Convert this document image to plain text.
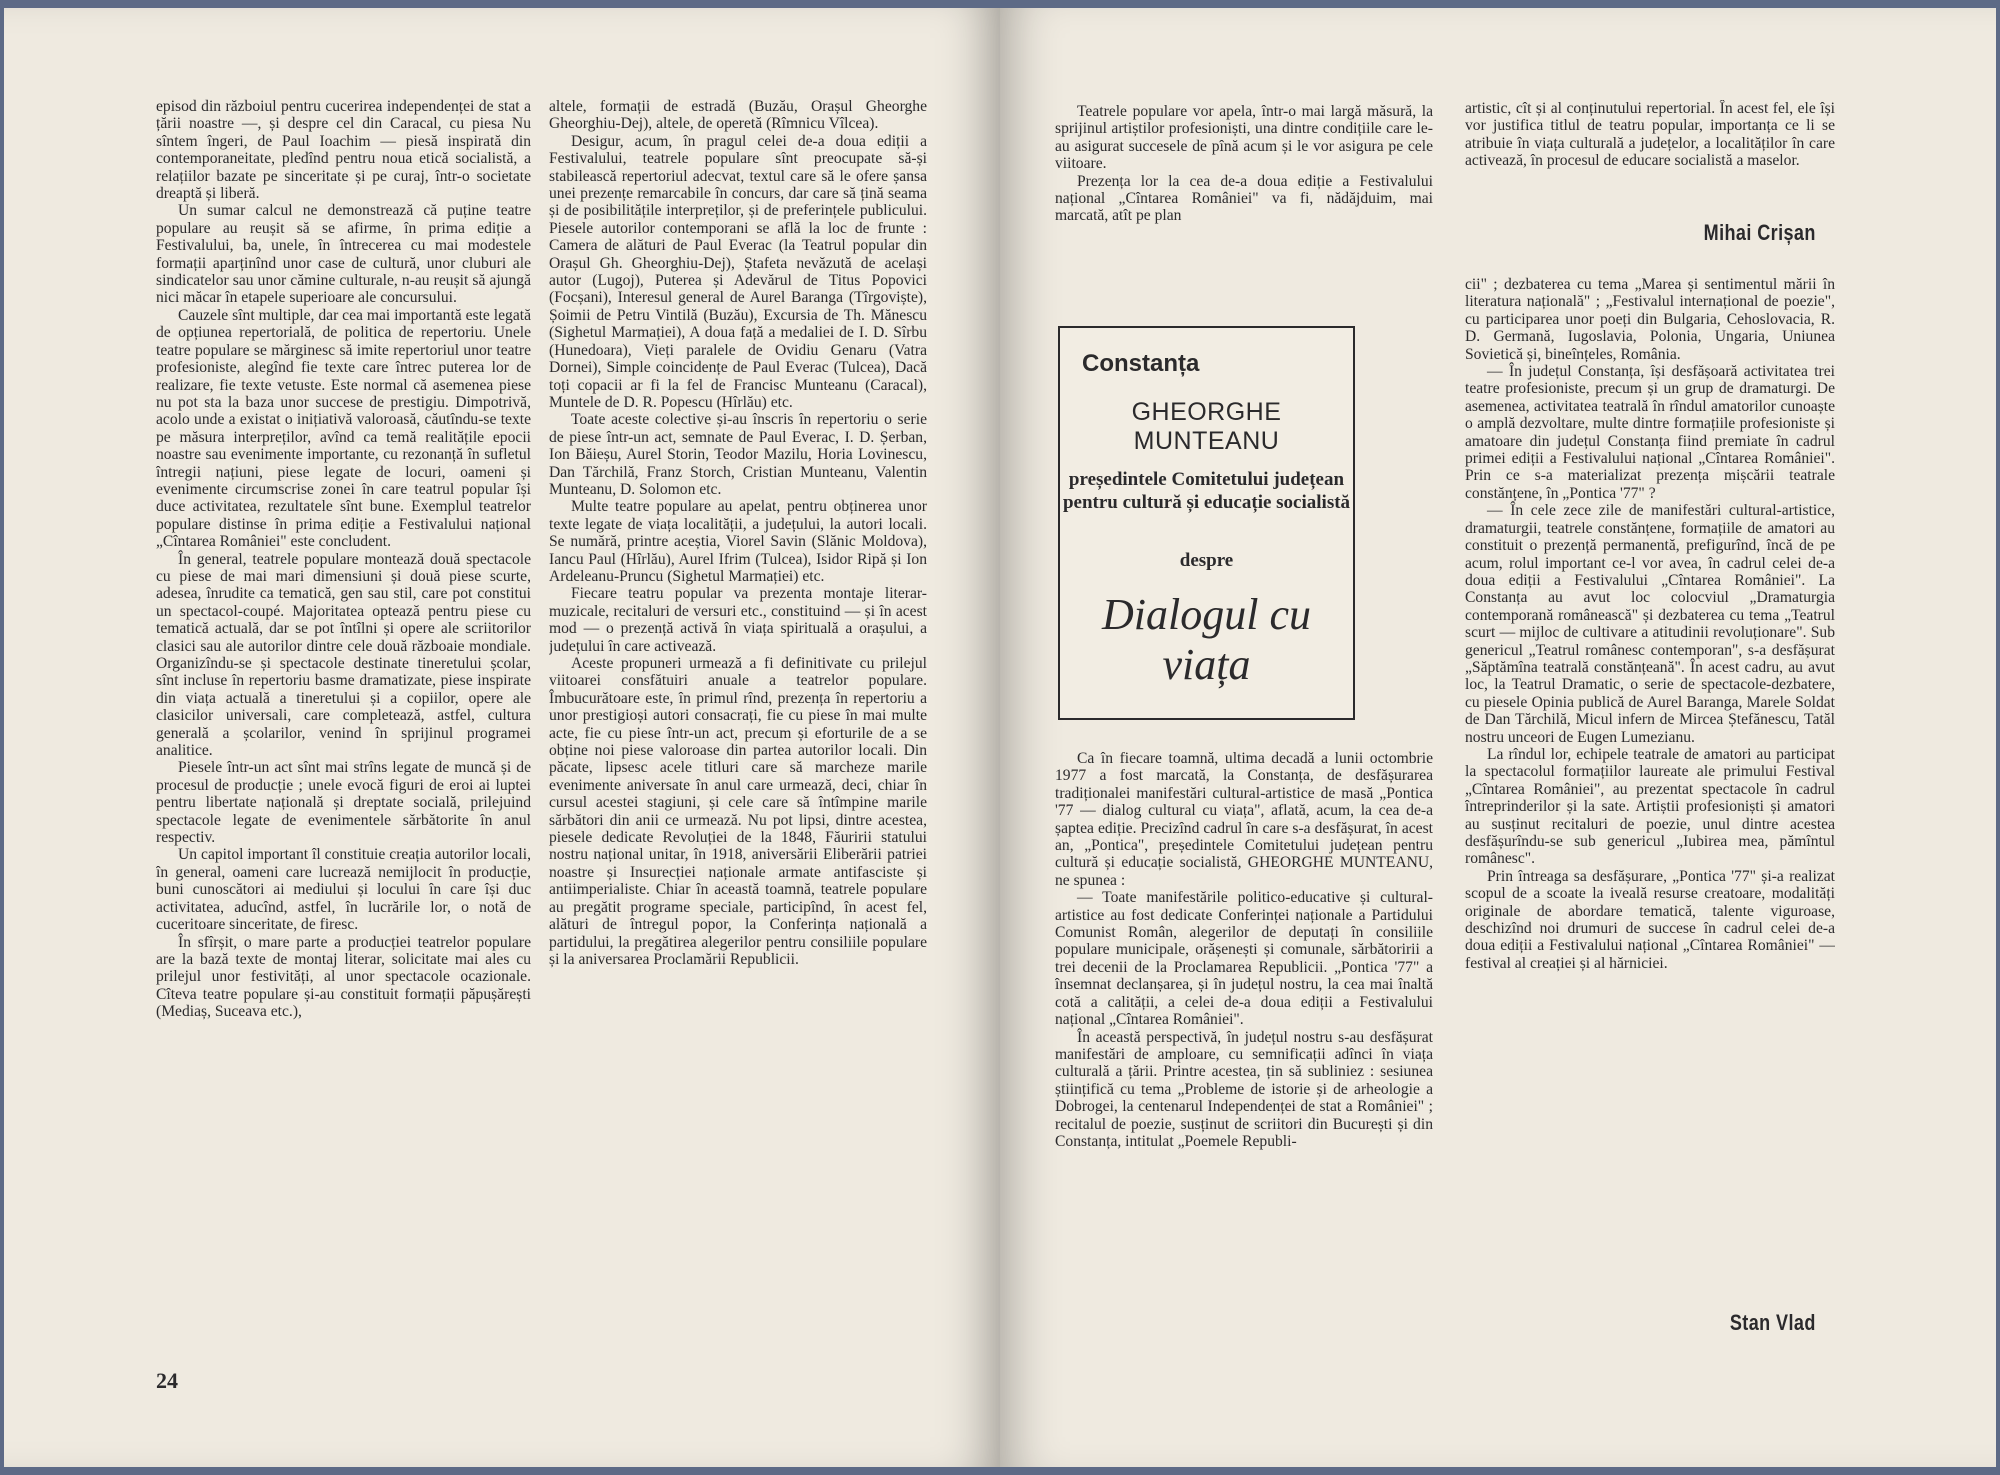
episod din războiul pentru cucerirea independenței de stat a țării noastre —, și despre cel din Caracal, cu piesa Nu sîntem îngeri, de Paul Ioachim — piesă inspirată din contemporaneitate, pledînd pentru noua etică socialistă, a relațiilor bazate pe sinceritate și pe curaj, într-o societate dreaptă și liberă.

Un sumar calcul ne demonstrează că puține teatre populare au reușit să se afirme, în prima ediție a Festivalului, ba, unele, în întrecerea cu mai modestele formații aparținînd unor case de cultură, unor cluburi ale sindicatelor sau unor cămine culturale, n-au reușit să ajungă nici măcar în etapele superioare ale concursului.

Cauzele sînt multiple, dar cea mai importantă este legată de opțiunea repertorială, de politica de repertoriu. Unele teatre populare se mărginesc să imite repertoriul unor teatre profesioniste, alegînd fie texte care întrec puterea lor de realizare, fie texte vetuste. Este normal că asemenea piese nu pot sta la baza unor succese de prestigiu. Dimpotrivă, acolo unde a existat o inițiativă valoroasă, căutîndu-se texte pe măsura interpreților, avînd ca temă realitățile epocii noastre sau evenimente importante, cu rezonanță în sufletul întregii națiuni, piese legate de locuri, oameni și evenimente circumscrise zonei în care teatrul popular își duce activitatea, rezultatele sînt bune. Exemplul teatrelor populare distinse în prima ediție a Festivalului național „Cîntarea României" este concludent.

În general, teatrele populare montează două spectacole cu piese de mai mari dimensiuni și două piese scurte, adesea, înrudite ca tematică, gen sau stil, care pot constitui un spectacol-coupé. Majoritatea optează pentru piese cu tematică actuală, dar se pot întîlni și opere ale scriitorilor clasici sau ale autorilor dintre cele două războaie mondiale. Organizîndu-se și spectacole destinate tineretului școlar, sînt incluse în repertoriu basme dramatizate, piese inspirate din viața actuală a tineretului și a copiilor, opere ale clasicilor universali, care completează, astfel, cultura generală a școlarilor, venind în sprijinul programei analitice.

Piesele într-un act sînt mai strîns legate de muncă și de procesul de producție ; unele evocă figuri de eroi ai luptei pentru libertate națională și dreptate socială, prilejuind spectacole legate de evenimentele sărbătorite în anul respectiv.

Un capitol important îl constituie creația autorilor locali, în general, oameni care lucrează nemijlocit în producție, buni cunoscători ai mediului și locului în care își duc activitatea, aducînd, astfel, în lucrările lor, o notă de cuceritoare sinceritate, de firesc.

În sfîrșit, o mare parte a producției teatrelor populare are la bază texte de montaj literar, solicitate mai ales cu prilejul unor festivități, al unor spectacole ocazionale. Cîteva teatre populare și-au constituit formații păpușărești (Mediaș, Suceava etc.),

altele, formații de estradă (Buzău, Orașul Gheorghe Gheorghiu-Dej), altele, de operetă (Rîmnicu Vîlcea).

Desigur, acum, în pragul celei de-a doua ediții a Festivalului, teatrele populare sînt preocupate să-și stabilească repertoriul adecvat, textul care să le ofere șansa unei prezențe remarcabile în concurs, dar care să țină seama și de posibilitățile interpreților, și de preferințele publicului. Piesele autorilor contemporani se află la loc de frunte : Camera de alături de Paul Everac (la Teatrul popular din Orașul Gh. Gheorghiu-Dej), Ștafeta nevăzută de același autor (Lugoj), Puterea și Adevărul de Titus Popovici (Focșani), Interesul general de Aurel Baranga (Tîrgoviște), Șoimii de Petru Vintilă (Buzău), Excursia de Th. Mănescu (Sighetul Marmației), A doua față a medaliei de I. D. Sîrbu (Hunedoara), Vieți paralele de Ovidiu Genaru (Vatra Dornei), Simple coincidențe de Paul Everac (Tulcea), Dacă toți copacii ar fi la fel de Francisc Munteanu (Caracal), Muntele de D. R. Popescu (Hîrlău) etc.

Toate aceste colective și-au înscris în repertoriu o serie de piese într-un act, semnate de Paul Everac, I. D. Șerban, Ion Băieșu, Aurel Storin, Teodor Mazilu, Horia Lovinescu, Dan Tărchilă, Franz Storch, Cristian Munteanu, Valentin Munteanu, D. Solomon etc.

Multe teatre populare au apelat, pentru obținerea unor texte legate de viața localității, a județului, la autori locali. Se numără, printre aceștia, Viorel Savin (Slănic Moldova), Iancu Paul (Hîrlău), Aurel Ifrim (Tulcea), Isidor Ripă și Ion Ardeleanu-Pruncu (Sighetul Marmației) etc.

Fiecare teatru popular va prezenta montaje literar-muzicale, recitaluri de versuri etc., constituind — și în acest mod — o prezență activă în viața spirituală a orașului, a județului în care activează.

Aceste propuneri urmează a fi definitivate cu prilejul viitoarei consfătuiri anuale a teatrelor populare. Îmbucurătoare este, în primul rînd, prezența în repertoriu a unor prestigioși autori consacrați, fie cu piese în mai multe acte, fie cu piese într-un act, precum și eforturile de a se obține noi piese valoroase din partea autorilor locali. Din păcate, lipsesc acele titluri care să marcheze marile evenimente aniversate în anul care urmează, deci, chiar în cursul acestei stagiuni, și cele care să întîmpine marile sărbători din anii ce urmează. Nu pot lipsi, dintre acestea, piesele dedicate Revoluției de la 1848, Făuririi statului nostru național unitar, în 1918, aniversării Eliberării patriei noastre și Insurecției naționale armate antifasciste și antiimperialiste. Chiar în această toamnă, teatrele populare au pregătit programe speciale, participînd, în acest fel, alături de întregul popor, la Conferința națională a partidului, la pregătirea alegerilor pentru consiliile populare și la aniversarea Proclamării Republicii.

24

Teatrele populare vor apela, într-o mai largă măsură, la sprijinul artiștilor profesioniști, una dintre condițiile care le-au asigurat succesele de pînă acum și le vor asigura pe cele viitoare.

Prezența lor la cea de-a doua ediție a Festivalului național „Cîntarea României" va fi, nădăjduim, mai marcată, atît pe plan

artistic, cît și al conținutului repertorial. În acest fel, ele își vor justifica titlul de teatru popular, importanța ce li se atribuie în viața culturală a județelor, a localităților în care activează, în procesul de educare socialistă a maselor.

Mihai Crișan
Constanța
GHEORGHE MUNTEANU
președintele Comitetului județean pentru cultură și educație socialistă
despre
Dialogul cu viața

Ca în fiecare toamnă, ultima decadă a lunii octombrie 1977 a fost marcată, la Constanța, de desfășurarea tradiționalei manifestări cultural-artistice de masă „Pontica '77 — dialog cultural cu viața", aflată, acum, la cea de-a șaptea ediție. Precizînd cadrul în care s-a desfășurat, în acest an, „Pontica", președintele Comitetului județean pentru cultură și educație socialistă, GHEORGHE MUNTEANU, ne spunea :

— Toate manifestările politico-educative și cultural-artistice au fost dedicate Conferinței naționale a Partidului Comunist Român, alegerilor de deputați în consiliile populare municipale, orășenești și comunale, sărbătoririi a trei decenii de la Proclamarea Republicii. „Pontica '77" a însemnat declanșarea, și în județul nostru, la cea mai înaltă cotă a calității, a celei de-a doua ediții a Festivalului național „Cîntarea României".

În această perspectivă, în județul nostru s-au desfășurat manifestări de amploare, cu semnificații adînci în viața culturală a țării. Printre acestea, țin să subliniez : sesiunea științifică cu tema „Probleme de istorie și de arheologie a Dobrogei, la centenarul Independenței de stat a României" ; recitalul de poezie, susținut de scriitori din București și din Constanța, intitulat „Poemele Republi-

cii" ; dezbaterea cu tema „Marea și sentimentul mării în literatura națională" ; „Festivalul internațional de poezie", cu participarea unor poeți din Bulgaria, Cehoslovacia, R. D. Germană, Iugoslavia, Polonia, Ungaria, Uniunea Sovietică și, bineînțeles, România.

— În județul Constanța, își desfășoară activitatea trei teatre profesioniste, precum și un grup de dramaturgi. De asemenea, activitatea teatrală în rîndul amatorilor cunoaște o amplă dezvoltare, multe dintre formațiile profesioniste și amatoare din județul Constanța fiind premiate în cadrul primei ediții a Festivalului național „Cîntarea României". Prin ce s-a materializat prezența mișcării teatrale constănțene, în „Pontica '77" ?

— În cele zece zile de manifestări cultural-artistice, dramaturgii, teatrele constănțene, formațiile de amatori au constituit o prezență permanentă, prefigurînd, încă de pe acum, rolul important ce-l vor avea, în cadrul celei de-a doua ediții a Festivalului „Cîntarea României". La Constanța au avut loc colocviul „Dramaturgia contemporană românească" și dezbaterea cu tema „Teatrul scurt — mijloc de cultivare a atitudinii revoluționare". Sub genericul „Teatrul românesc contemporan", s-a desfășurat „Săptămîna teatrală constănțeană". În acest cadru, au avut loc, la Teatrul Dramatic, o serie de spectacole-dezbatere, cu piesele Opinia publică de Aurel Baranga, Marele Soldat de Dan Tărchilă, Micul infern de Mircea Ștefănescu, Tatăl nostru unceori de Eugen Lumezianu.

La rîndul lor, echipele teatrale de amatori au participat la spectacolul formațiilor laureate ale primului Festival „Cîntarea României", au prezentat spectacole în cadrul întreprinderilor și la sate. Artiștii profesioniști și amatori au susținut recitaluri de poezie, unul dintre acestea desfășurîndu-se sub genericul „Iubirea mea, pămîntul românesc".

Prin întreaga sa desfășurare, „Pontica '77" și-a realizat scopul de a scoate la iveală resurse creatoare, modalități originale de abordare tematică, talente viguroase, deschizînd noi drumuri de succese în cadrul celei de-a doua ediții a Festivalului național „Cîntarea României" — festival al creației și al hărniciei.

Stan Vlad
